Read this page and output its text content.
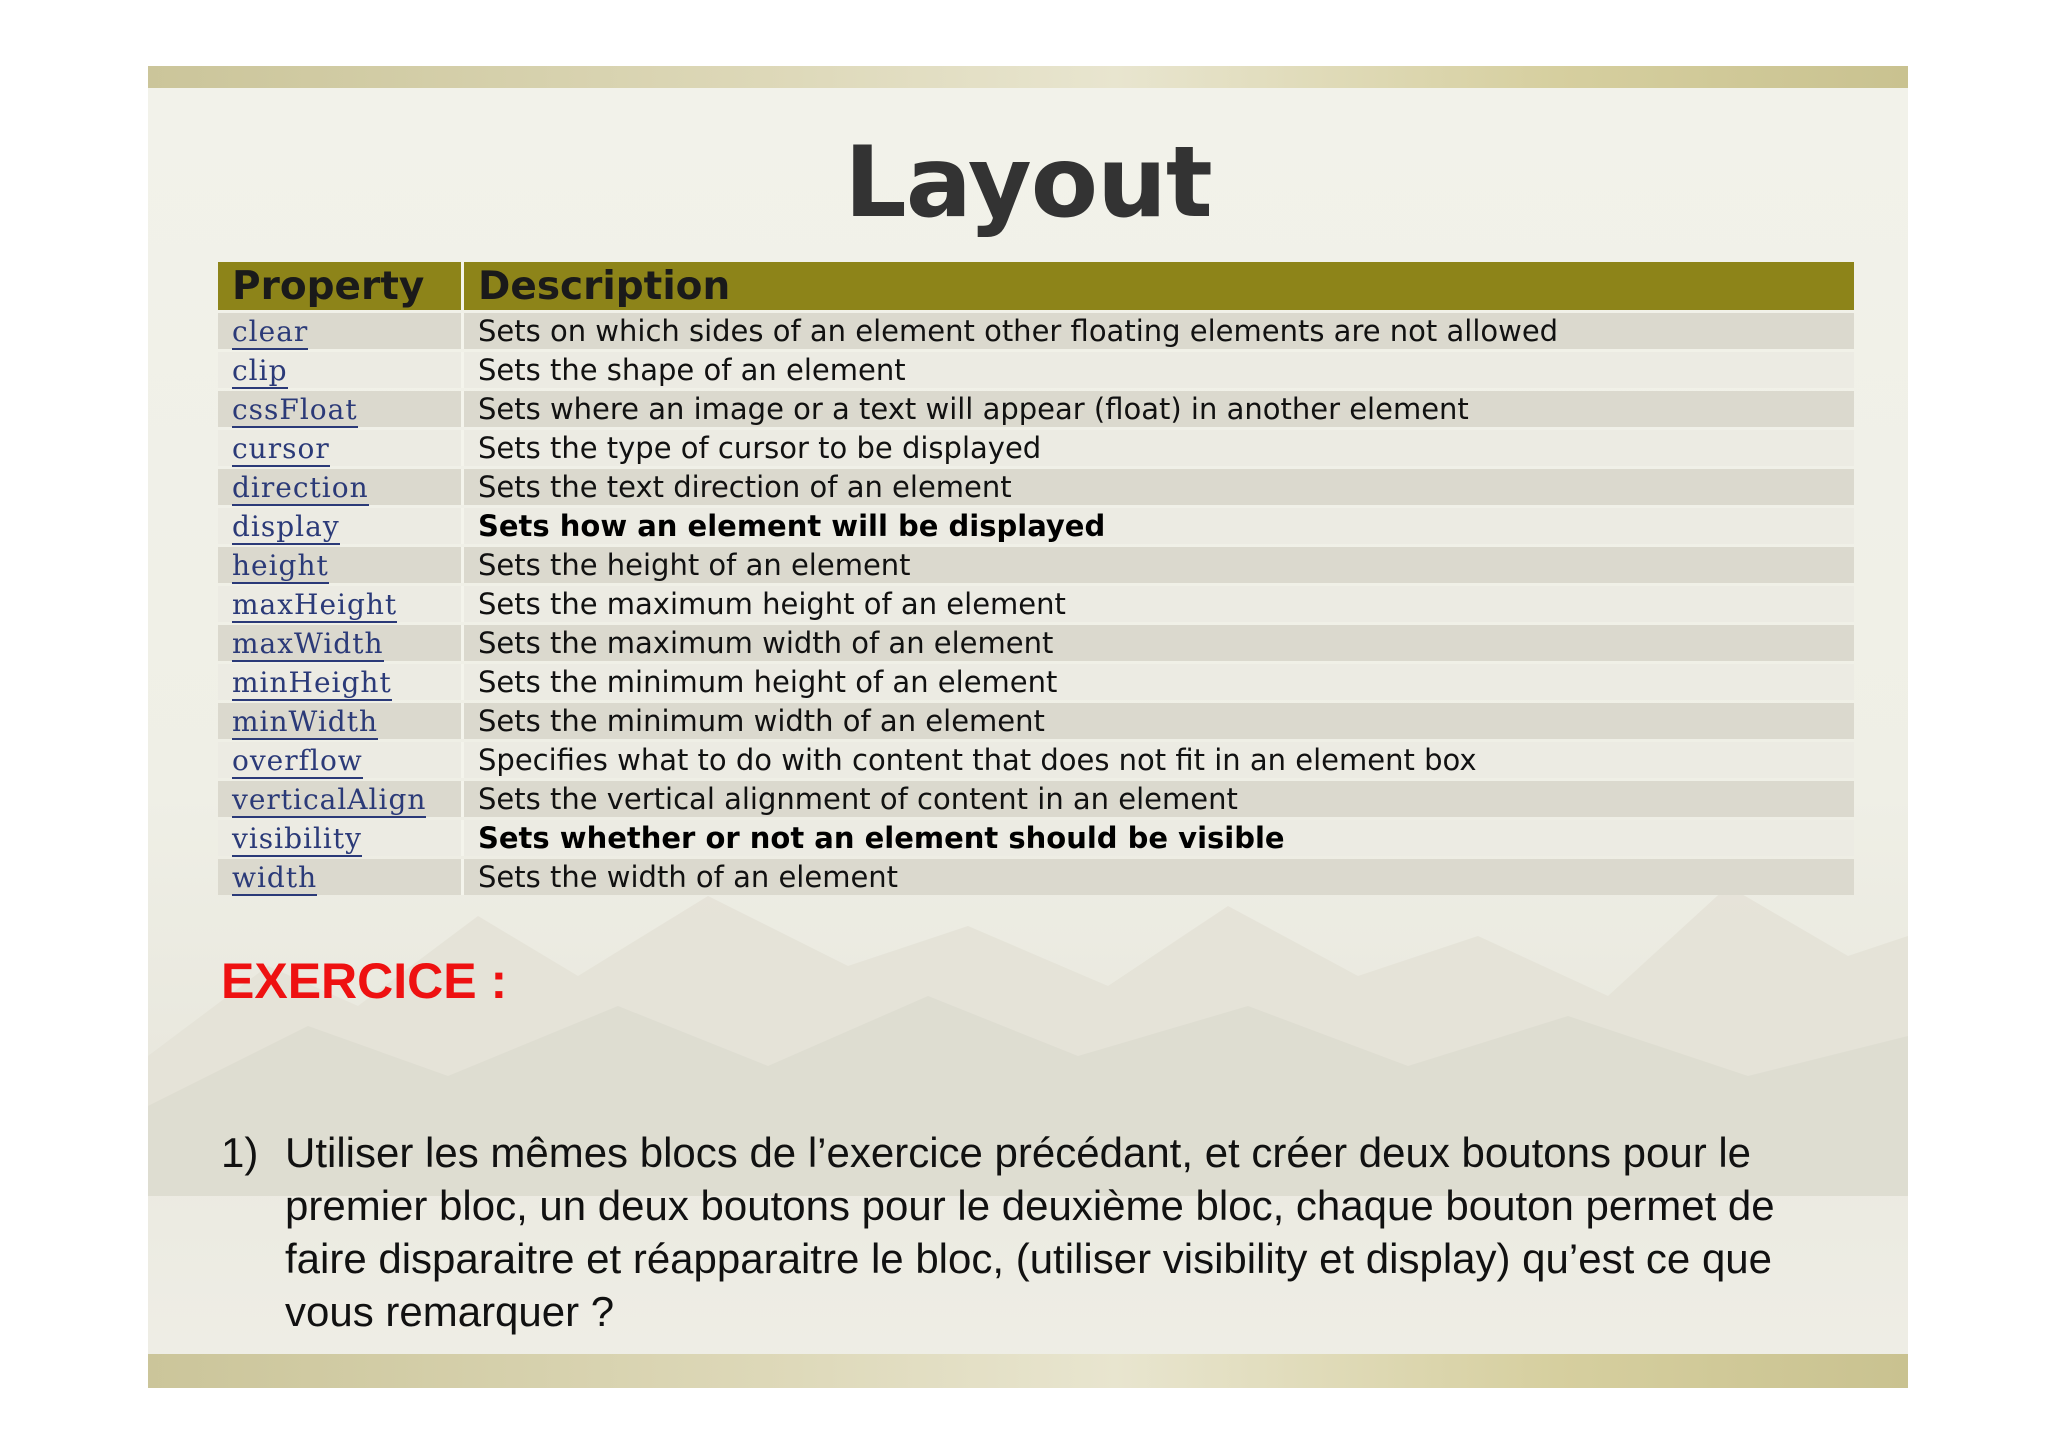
Layout
Property	Description
clear	Sets on which sides of an element other floating elements are not allowed
clip	Sets the shape of an element
cssFloat	Sets where an image or a text will appear (float) in another element
cursor	Sets the type of cursor to be displayed
direction	Sets the text direction of an element
display	Sets how an element will be displayed
height	Sets the height of an element
maxHeight	Sets the maximum height of an element
maxWidth	Sets the maximum width of an element
minHeight	Sets the minimum height of an element
minWidth	Sets the minimum width of an element
overflow	Specifies what to do with content that does not fit in an element box
verticalAlign	Sets the vertical alignment of content in an element
visibility	Sets whether or not an element should be visible
width	Sets the width of an element
EXERCICE :
1) Utiliser les mêmes blocs de l’exercice précédant, et créer deux boutons pour le premier bloc, un deux boutons pour le deuxième bloc, chaque bouton permet de faire disparaitre et réapparaitre le bloc, (utiliser visibility et display) qu’est ce que vous remarquer ?
